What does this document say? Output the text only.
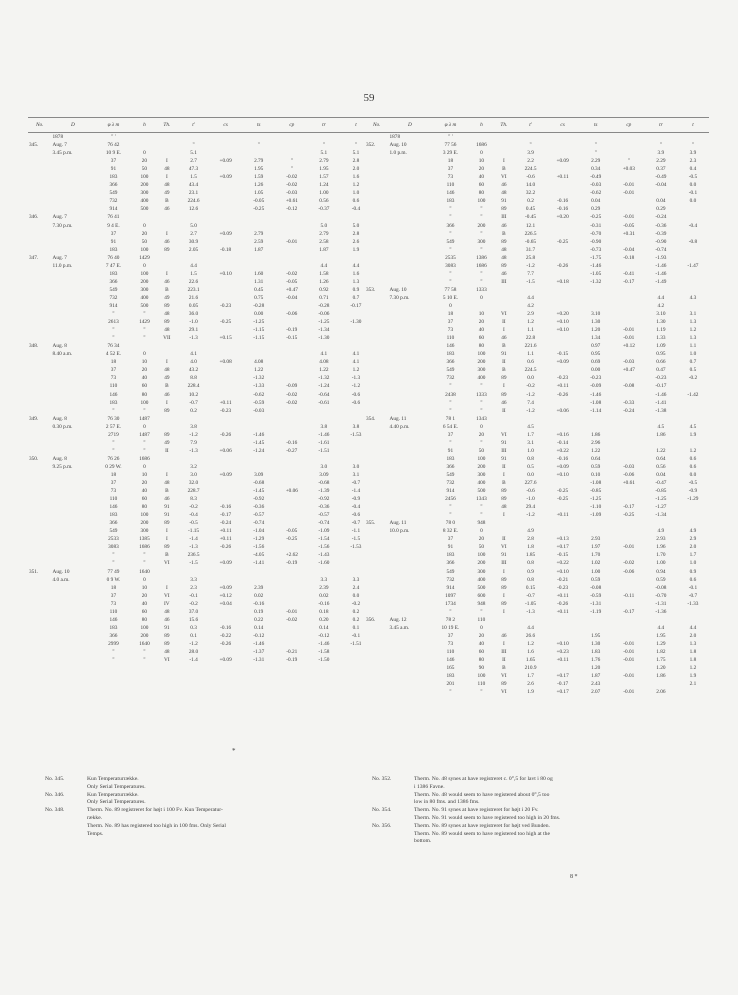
59
No.	D	φ λ m	h	Th.	t'	cs	ts	cp	tr	t
	1878	" '								
345.	Aug. 7	76 42			"		"		"	"
	3.45 p.m.	10 9 E.	0		5.1				5.1	5.1
		37	20	I	2.7	+0.09	2.79	"	2.79	2.8
		91	50	48	47.3		1.95	"	1.95	2.0
		183	100	I	1.5	+0.09	1.59	-0.02	1.57	1.6
		366	200	48	43.4		1.26	-0.02	1.24	1.2
		549	300	49	23.1		1.05	-0.03	1.00	1.0
		732	400	B	224.6		-0.05	+0.61	0.56	0.6
		914	500	46	12.6		-0.25	-0.12	-0.37	-0.4
346.	Aug. 7	76 41								
	7.30 p.m.	9 4 E.	0		5.0				5.0	5.0
		37	20	I	2.7	+0.09	2.79		2.79	2.8
		91	50	46	30.9		2.59	-0.01	2.58	2.6
		183	100	89	2.05	-0.18	1.87		1.87	1.9
347.	Aug. 7	76 40	1429							
	11.0 p.m.	7 47 E.	0		4.4				4.4	4.4
		183	100	I	1.5	+0.10	1.60	-0.02	1.58	1.6
		366	200	46	22.6		1.31	-0.05	1.26	1.3
		549	300	B	223.1		0.45	+0.47	0.92	0.9
		732	400	49	21.6		0.75	-0.04	0.71	0.7
		914	500	89	0.05	-0.23	-0.28		-0.28	-0.17
		"	"	48	36.0		0.00	-0.06	-0.06	
		2613	1429	89	-1.0	-0.25	-1.25		-1.25	-1.30
		"	"	48	29.1		-1.15	-0.19	-1.34	
		"	"	VII	-1.3	+0.15	-1.15	-0.15	-1.30	
348.	Aug. 8	76 34								
	8.40 a.m.	4 52 E.	0		4.1				4.1	4.1
		18	10	I	4.0	+0.08	4.08		4.08	4.1
		37	20	48	43.2		1.22		1.22	1.2
		73	40	49	8.8		-1.32		-1.32	-1.3
		110	60	B	228.4		-1.33	-0.09	-1.24	-1.2
		146	80	46	10.2		-0.62	-0.02	-0.64	-0.6
		183	100	I	-0.7	+0.11	-0.59	-0.02	-0.61	-0.6
		"	"	89	0.2	-0.23	-0.03			
349.	Aug. 8	76 30	1487							
	0.30 p.m.	2 57 E.	0		3.8				3.8	3.8
		2719	1487	89	-1.2	-0.26	-1.46		-1.46	-1.53
		"	"	49	7.9		-1.45	-0.16	-1.61	
		"	"	II	-1.3	+0.06	-1.24	-0.27	-1.51	
350.	Aug. 8	76 26	1686							
	9.25 p.m.	0 29 W.	0		3.2				3.0	3.0
		18	10	I	3.0	+0.09	3.09		3.09	3.1
		37	20	48	32.0		-0.68		-0.68	-0.7
		73	40	B	228.7		-1.45	+0.06	-1.39	-1.4
		110	60	46	8.3		-0.92		-0.92	-0.9
		146	80	91	-0.2	-0.16	-0.36		-0.36	-0.4
		183	100	91	-0.4	-0.17	-0.57		-0.57	-0.6
		366	200	89	-0.5	-0.24	-0.74		-0.74	-0.7
		549	300	I	-1.15	+0.11	-1.04	-0.05	-1.09	-1.1
		2533	1385	I	-1.4	+0.11	-1.29	-0.25	-1.54	-1.5
		3083	1686	89	-1.3	-0.26	-1.56		-1.56	-1.53
		"	"	B	236.5		-4.05	+2.62	-1.43	
		"	"	VI	-1.5	+0.09	-1.41	-0.19	-1.60	
351.	Aug. 10	77 49	1640							
	4.0 a.m.	0 9 W.	0		3.3				3.3	3.3
		18	10	I	2.3	+0.09	2.39		2.39	2.4
		37	20	VI	-0.1	+0.12	0.02		0.02	0.0
		73	40	IV	-0.2	+0.04	-0.16		-0.16	-0.2
		110	60	48	37.0		0.19	-0.01	0.18	0.2
		146	80	46	15.6		0.22	-0.02	0.20	0.2
		183	100	91	0.3	-0.16	0.14		0.14	0.1
		366	200	89	0.1	-0.22	-0.12		-0.12	-0.1
		2999	1640	89	-1.2	-0.26	-1.46		-1.46	-1.51
		"	"	48	28.0		-1.37	-0.21	-1.58	
		"	"	VI	-1.4	+0.09	-1.31	-0.19	-1.50	
No.	D	φ λ m	h	Th.	t'	cs	ts	cp	tr	t
	1878	" '								
352.	Aug. 10	77 56	1686		"		"		"	"
	1.0 p.m.	3 29 E.	0		3.9		"		3.9	3.9
		18	10	I	2.2	+0.09	2.29	"	2.29	2.3
		37	20	B	224.5		0.34	+0.03	0.37	0.4
		73	40	VI	-0.6	+0.11	-0.49		-0.49	-0.5
		110	60	46	14.0		-0.03	-0.01	-0.04	0.0
		146	80	48	32.2		-0.62	-0.01		-0.1
		183	100	91	0.2	-0.16	0.04		0.04	0.0
		"	"	89	0.45	-0.16	0.29		0.29	
		"	"	III	-0.45	+0.20	-0.25	-0.01	-0.24	
		366	200	46	12.1		-0.31	-0.05	-0.36	-0.4
		"	"	B	226.5		-0.70	+0.31	-0.39	
		549	300	89	-0.65	-0.25	-0.90		-0.90	-0.8
		"	"	48	31.7		-0.73	-0.04	-0.74	
		2535	1386	48	25.8		-1.75	-0.18	-1.93	
		3083	1686	89	-1.2	-0.26	-1.46		-1.46	-1.47
		"	"	46	7.7		-1.05	-0.41	-1.46	
		"	"	III	-1.5	+0.18	-1.32	-0.17	-1.49	
353.	Aug. 10	77 58	1333							
	7.30 p.m.	5 10 E.	0		4.4				4.4	4.3
		0			4.2				4.2	
		18	10	VI	2.9	+0.20	3.10		3.10	3.1
		37	20	II	1.2	+0.10	1.30		1.30	1.3
		73	40	I	1.1	+0.10	1.20	-0.01	1.19	1.2
		110	60	46	22.8		1.34	-0.01	1.33	1.3
		146	80	B	221.6		0.97	+0.12	1.09	1.1
		183	100	91	1.1	-0.15	0.95		0.95	1.0
		366	200	II	0.6	+0.09	0.69	-0.03	0.66	0.7
		549	300	B	224.5		0.00	+0.47	0.47	0.5
		732	400	89	0.0	-0.23	-0.23		-0.23	-0.2
		"	"	I	-0.2	+0.11	-0.09	-0.08	-0.17	
		2438	1333	89	-1.2	-0.26	-1.46		-1.46	-1.42
		"	"	46	7.4		-1.08	-0.33	-1.41	
		"	"	II	-1.2	+0.06	-1.14	-0.24	-1.38	
354.	Aug. 11	78 1	1343							
	4.40 p.m.	6 54 E.	0		4.5				4.5	4.5
		37	20	VI	1.7	+0.16	1.86		1.86	1.9
		"	"	91	3.1	-0.14	2.96			
		91	50	III	1.0	+0.22	1.22		1.22	1.2
		183	100	91	0.8	-0.16	0.64		0.64	0.6
		366	200	II	0.5	+0.09	0.59	-0.03	0.56	0.6
		549	300	I	0.0	+0.10	0.10	-0.06	0.04	0.0
		732	400	B	227.6		-1.08	+0.61	-0.47	-0.5
		914	500	89	-0.6	-0.25	-0.85		-0.85	-0.9
		2456	1343	89	-1.0	-0.25	-1.25		-1.25	-1.29
		"	"	48	29.4		-1.10	-0.17	-1.27	
		"	"	I	-1.2	+0.11	-1.09	-0.25	-1.34	
355.	Aug. 11	78 0	948							
	10.0 p.m.	8 32 E.	0		4.9				4.9	4.9
		37	20	II	2.8	+0.13	2.93		2.93	2.9
		91	50	VI	1.8	+0.17	1.97	-0.01	1.96	2.0
		183	100	91	1.85	-0.15	1.70		1.70	1.7
		366	200	III	0.8	+0.22	1.02	-0.02	1.00	1.0
		549	300	I	0.9	+0.10	1.00	-0.06	0.94	0.9
		732	400	89	0.8	-0.21	0.59		0.59	0.6
		914	500	89	0.15	-0.23	-0.08		-0.08	-0.1
		1097	600	I	-0.7	+0.11	-0.59	-0.11	-0.70	-0.7
		1734	948	89	-1.05	-0.26	-1.31		-1.31	-1.33
		"	"	I	-1.3	+0.11	-1.19	-0.17	-1.36	
356.	Aug. 12	78 2	110							
	3.45 a.m.	10 19 E.	0		4.4				4.4	4.4
		37	20	46	26.6		1.95		1.95	2.0
		73	40	I	1.2	+0.10	1.30	-0.01	1.29	1.3
		110	60	III	1.6	+0.23	1.83	-0.01	1.82	1.8
		146	80	II	1.65	+0.11	1.76	-0.01	1.75	1.8
		165	90	B	210.9		1.20		1.20	1.2
		183	100	VI	1.7	+0.17	1.87	-0.01	1.86	1.9
		201	110	89	2.6	-0.17	2.43			2.1
		"	"	VI	1.9	+0.17	2.07	-0.01	2.06	
*
No. 345.	Kun Temperaturrække.
Only Serial Temperatures.
No. 346.	Kun Temperaturrække.
Only Serial Temperatures.
No. 348.	Therm. No. 89 registreret for højt i 100 Fv. Kun Temperatur-
række.
Therm. No. 89 has registered too high in 100 fms. Only Serial
Temps.
No. 352.	Therm. No. 48 synes at have registreret c. 0°,5 for lavt i 80 og
i 1386 Favne.
Therm. No. 48 would seem to have registered about 0°,5 too
low in 80 fms. and 1386 fms.
No. 354.	Therm. No. 91 synes at have registreret for højt i 20 Fv.
Therm. No. 91 would seem to have registered too high in 20 fms.
No. 356.	Therm. No. 89 synes at have registreret for højt ved Bunden.
Therm. No. 89 would seem to have registered too high at the
bottom.
8 *
